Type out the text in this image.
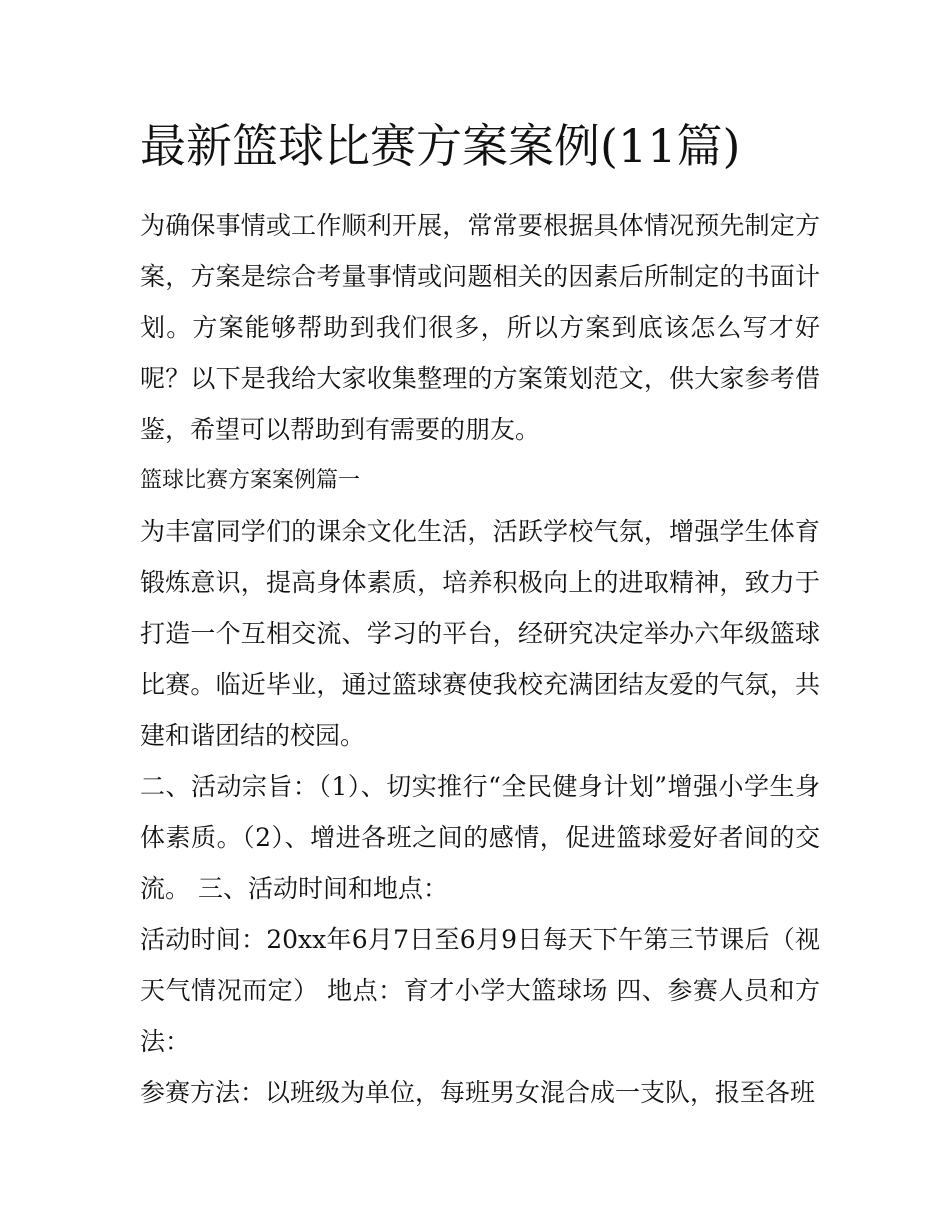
最新篮球比赛方案案例(11篇)

为确保事情或工作顺利开展，常常要根据具体情况预先制定方案，方案是综合考量事情或问题相关的因素后所制定的书面计划。方案能够帮助到我们很多，所以方案到底该怎么写才好呢？以下是我给大家收集整理的方案策划范文，供大家参考借鉴，希望可以帮助到有需要的朋友。

篮球比赛方案案例篇一

为丰富同学们的课余文化生活，活跃学校气氛，增强学生体育锻炼意识，提高身体素质，培养积极向上的进取精神，致力于打造一个互相交流、学习的平台，经研究决定举办六年级篮球比赛。临近毕业，通过篮球赛使我校充满团结友爱的气氛，共建和谐团结的校园。

二、活动宗旨：（1）、切实推行“全民健身计划”增强小学生身体素质。（2）、增进各班之间的感情，促进篮球爱好者间的交流。 三、活动时间和地点：

活动时间：20xx年6月7日至6月9日每天下午第三节课后（视天气情况而定） 地点：育才小学大篮球场 四、参赛人员和方法：

参赛方法：以班级为单位，每班男女混合成一支队，报至各班
